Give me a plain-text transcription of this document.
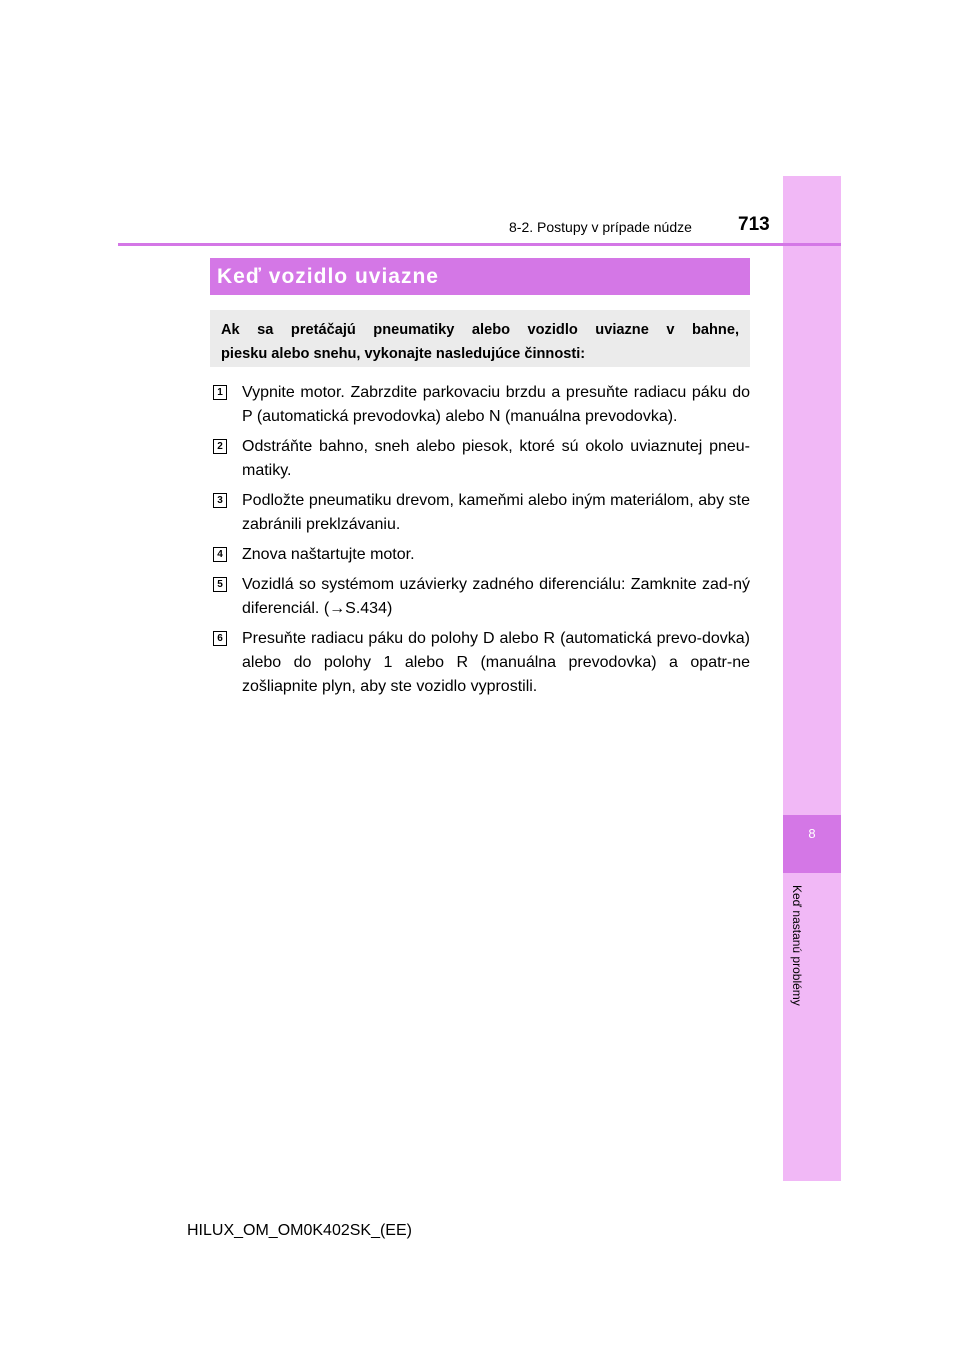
8
Keď nastanú problémy
8-2. Postupy v prípade núdze 713
Keď vozidlo uviazne
Ak sa pretáčajú pneumatiky alebo vozidlo uviazne v bahne,
piesku alebo snehu, vykonajte nasledujúce činnosti:
1 Vypnite motor. Zabrzdite parkovaciu brzdu a presuňte radiacu páku do P (automatická prevodovka) alebo N (manuálna prevodovka).
2 Odstráňte bahno, sneh alebo piesok, ktoré sú okolo uviaznutej pneu-matiky.
3 Podložte pneumatiku drevom, kameňmi alebo iným materiálom, aby ste zabránili preklzávaniu.
4 Znova naštartujte motor.
5 Vozidlá so systémom uzávierky zadného diferenciálu: Zamknite zad-ný diferenciál. (→S.434)
6 Presuňte radiacu páku do polohy D alebo R (automatická prevo-dovka) alebo do polohy 1 alebo R (manuálna prevodovka) a opatr-ne zošliapnite plyn, aby ste vozidlo vyprostili.
HILUX_OM_OM0K402SK_(EE)
